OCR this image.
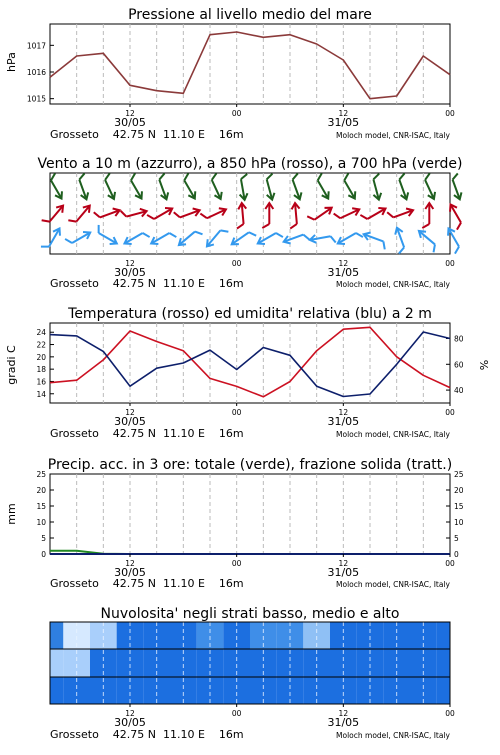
Pressione al livello medio del mare
hPa
1015
1016
1017
12	00	12	00
30/05	31/05
Grosseto    42.75 N  11.10 E    16m	Moloch model, CNR-ISAC, Italy
Vento a 10 m (azzurro), a 850 hPa (rosso), a 700 hPa (verde)
12	00	12	00
30/05	31/05
Grosseto    42.75 N  11.10 E    16m	Moloch model, CNR-ISAC, Italy
Temperatura (rosso) ed umidita' relativa (blu) a 2 m
gradi C	%
14
16
18
20
22
24
40
60
80
12	00	12	00
30/05	31/05
Grosseto    42.75 N  11.10 E    16m	Moloch model, CNR-ISAC, Italy
Precip. acc. in 3 ore: totale (verde), frazione solida (tratt.)
mm
0
5
10
15
20
25
0
5
10
15
20
25
12	00	12	00
30/05	31/05
Grosseto    42.75 N  11.10 E    16m	Moloch model, CNR-ISAC, Italy
Nuvolosita' negli strati basso, medio e alto
12	00	12	00
30/05	31/05
Grosseto    42.75 N  11.10 E    16m	Moloch model, CNR-ISAC, Italy
